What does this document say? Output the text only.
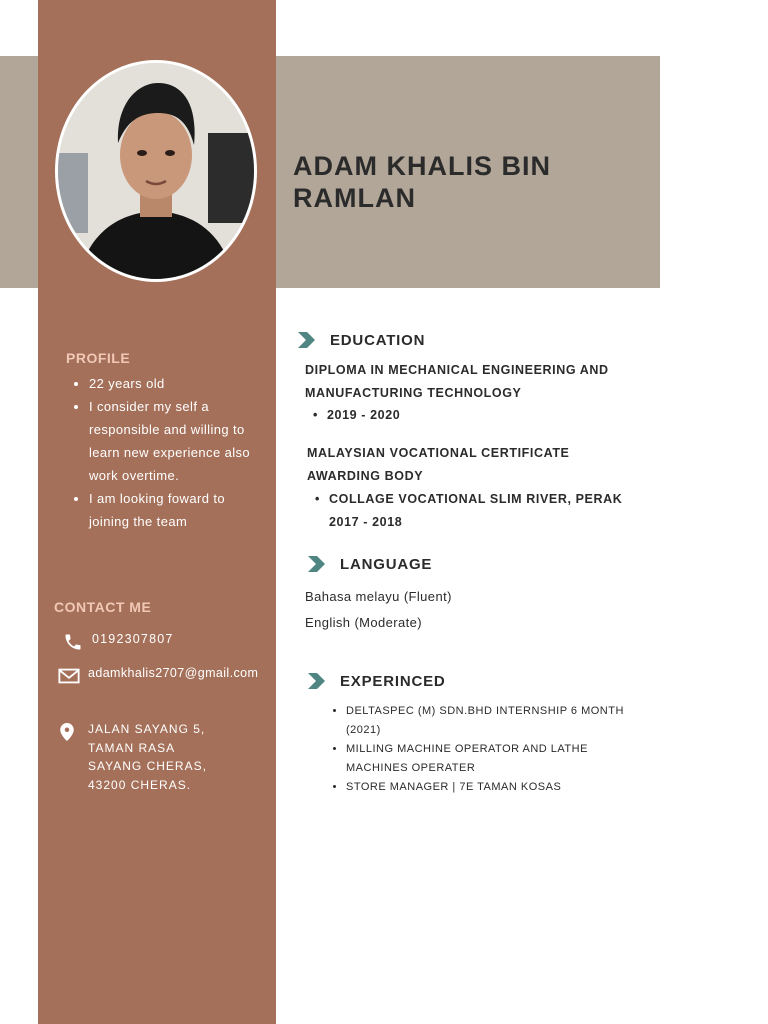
ADAM KHALIS BIN RAMLAN
PROFILE
• 22 years old
• I consider my self a responsible and willing to learn new experience also work overtime.
• I am looking foward to joining the team
CONTACT ME
0192307807
adamkhalis2707@gmail.com
JALAN SAYANG 5,
TAMAN RASA
SAYANG CHERAS,
43200 CHERAS.
EDUCATION
DIPLOMA IN MECHANICAL ENGINEERING AND
MANUFACTURING TECHNOLOGY
• 2019 - 2020
MALAYSIAN VOCATIONAL CERTIFICATE
AWARDING BODY
• COLLAGE VOCATIONAL SLIM RIVER, PERAK
2017 - 2018
LANGUAGE
Bahasa melayu (Fluent)
English (Moderate)
EXPERINCED
• DELTASPEC (M) SDN.BHD INTERNSHIP 6 MONTH (2021)
• MILLING MACHINE OPERATOR AND LATHE MACHINES OPERATER
• STORE MANAGER | 7E TAMAN KOSAS
